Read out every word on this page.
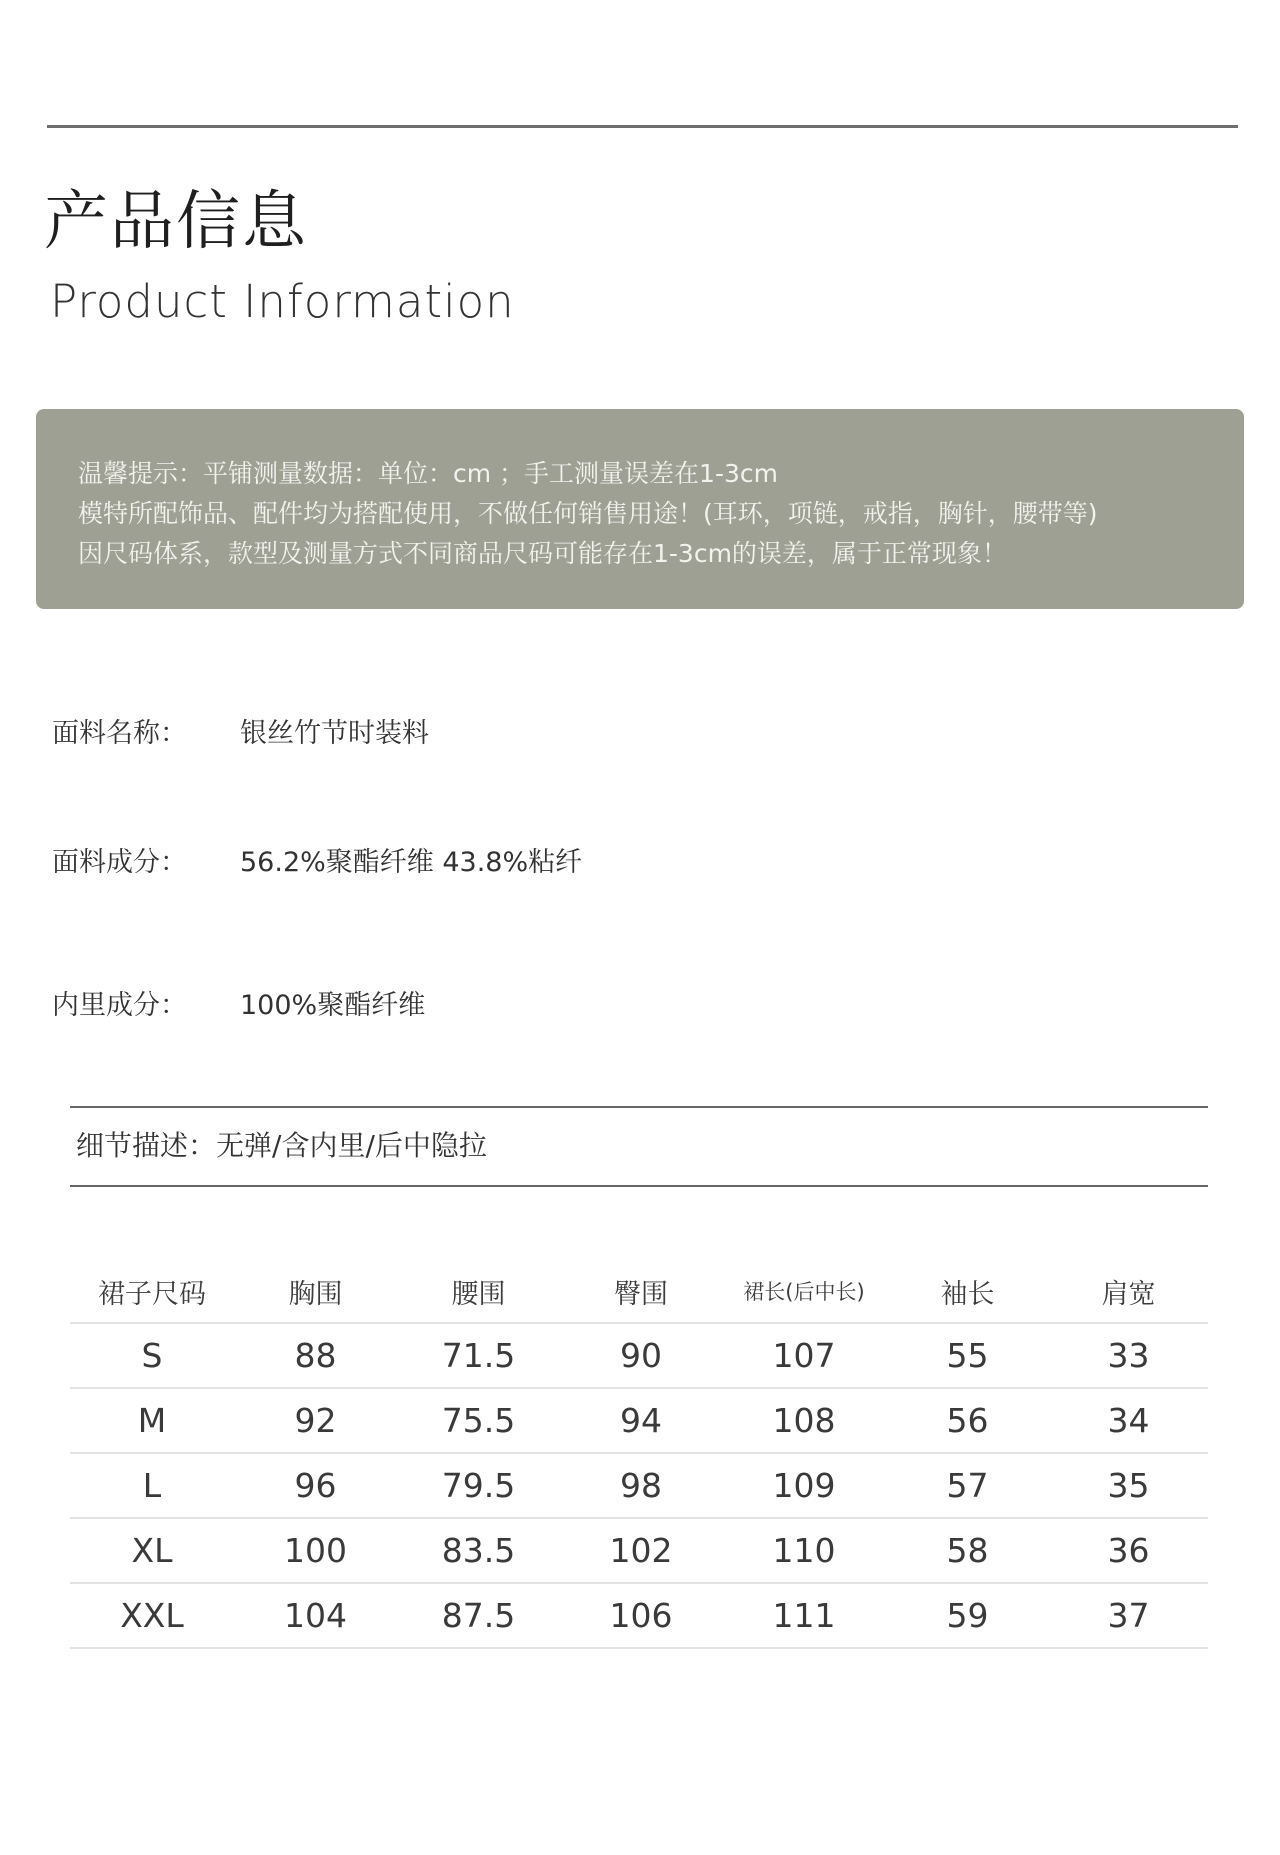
产品信息
Product Information

温馨提示：平铺测量数据：单位：cm ；手工测量误差在1-3cm

模特所配饰品、配件均为搭配使用，不做任何销售用途！(耳环，项链，戒指，胸针，腰带等)

因尺码体系，款型及测量方式不同商品尺码可能存在1-3cm的误差，属于正常现象！

面料名称： 银丝竹节时装料
面料成分： 56.2%聚酯纤维 43.8%粘纤
内里成分： 100%聚酯纤维
细节描述：无弹/含内里/后中隐拉
裙子尺码	胸围	腰围	臀围	裙长(后中长)	袖长	肩宽
S	88	71.5	90	107	55	33
M	92	75.5	94	108	56	34
L	96	79.5	98	109	57	35
XL	100	83.5	102	110	58	36
XXL	104	87.5	106	111	59	37
